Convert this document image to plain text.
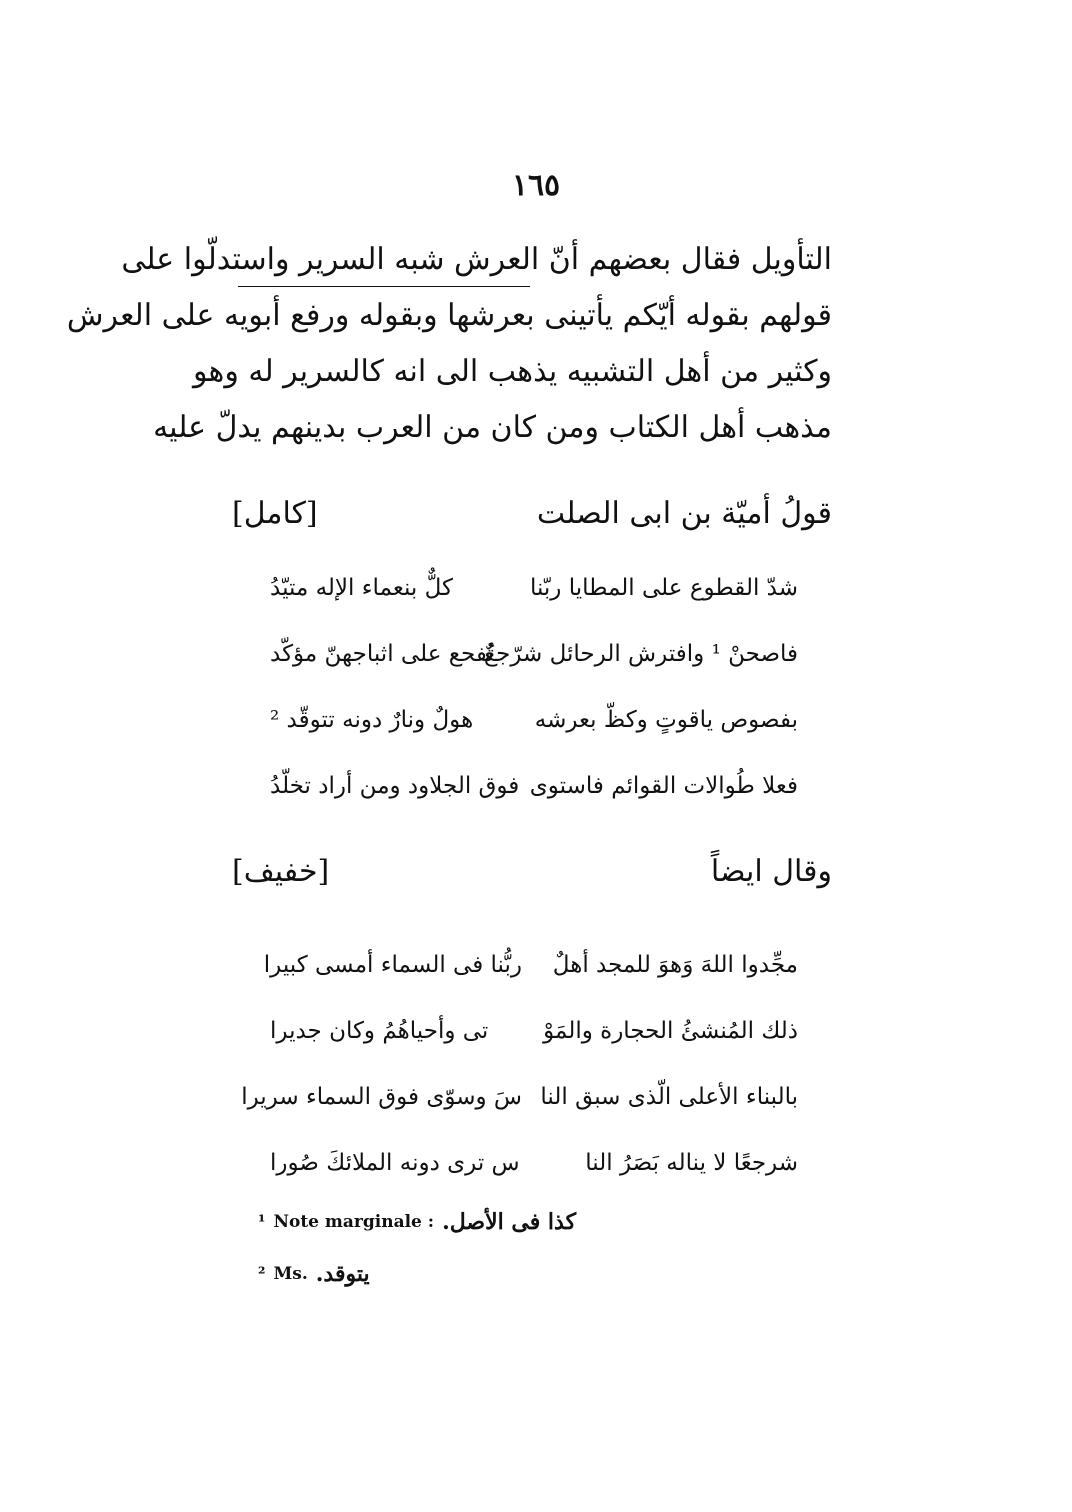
١٦٥
التأويل فقال بعضهم أنّ العرش شبه السرير واستدلّوا على
قولهم بقوله أيّكم يأتينى بعرشها وبقوله ورفع أبويه على العرش
وكثير من أهل التشبيه يذهب الى انه كالسرير له وهو
مذهب أهل الكتاب ومن كان من العرب بدينهم يدلّ عليه
قولُ أميّة بن ابى الصلت
[كامل]
شدّ القطوع على المطايا ربّنا
كلٌّ بنعماء الإله متيّدُ
فاصحنْ ¹ وافترش الرحائل شرّجعٌ
تُفحع على اثباجهنّ مؤكّد
بفصوص ياقوتٍ وكظّ بعرشه
هولٌ ونارٌ دونه تتوقّد ²
فعلا طُوالات القوائم فاستوى
فوق الجلاود ومن أراد تخلّدُ
وقال ايضاً
[خفيف]
مجِّدوا اللهَ وَهوَ للمجد أهلٌ
ربُّنا فى السماء أمسى كبيرا
ذلك المُنشئُ الحجارة والمَوْ
تى وأحياهُمُ وكان جديرا
بالبناء الأعلى الّذى سبق النا
سَ وسوّى فوق السماء سريرا
شرجعًا لا يناله بَصَرُ النا
س ترى دونه الملائكَ صُورا
¹ Note marginale : كذا فى الأصل.
² Ms. يتوقد.
